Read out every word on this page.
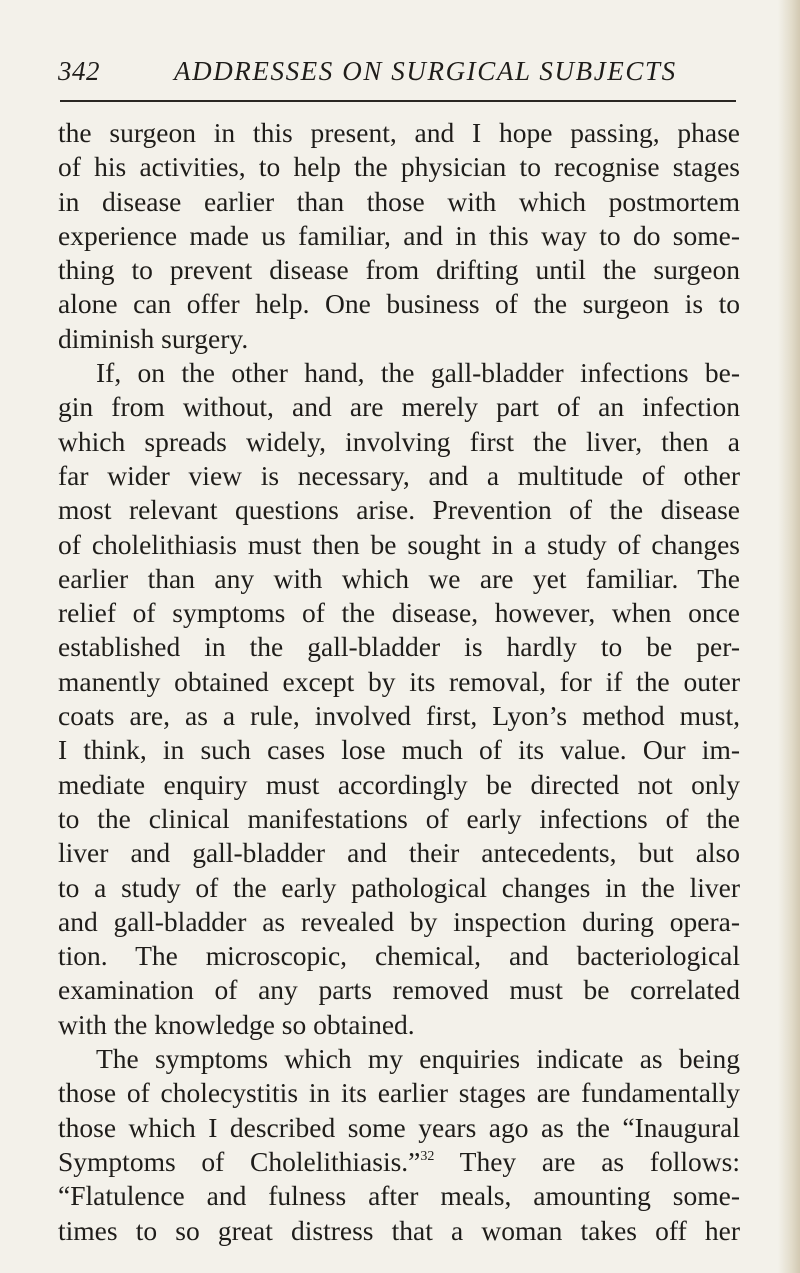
342	ADDRESSES ON SURGICAL SUBJECTS
the surgeon in this present, and I hope passing, phase
of his activities, to help the physician to recognise stages
in disease earlier than those with which postmortem
experience made us familiar, and in this way to do some-
thing to prevent disease from drifting until the surgeon
alone can offer help. One business of the surgeon is to
diminish surgery.
If, on the other hand, the gall-bladder infections be-
gin from without, and are merely part of an infection
which spreads widely, involving first the liver, then a
far wider view is necessary, and a multitude of other
most relevant questions arise. Prevention of the disease
of cholelithiasis must then be sought in a study of changes
earlier than any with which we are yet familiar. The
relief of symptoms of the disease, however, when once
established in the gall-bladder is hardly to be per-
manently obtained except by its removal, for if the outer
coats are, as a rule, involved first, Lyon’s method must,
I think, in such cases lose much of its value. Our im-
mediate enquiry must accordingly be directed not only
to the clinical manifestations of early infections of the
liver and gall-bladder and their antecedents, but also
to a study of the early pathological changes in the liver
and gall-bladder as revealed by inspection during opera-
tion. The microscopic, chemical, and bacteriological
examination of any parts removed must be correlated
with the knowledge so obtained.
The symptoms which my enquiries indicate as being
those of cholecystitis in its earlier stages are fundamentally
those which I described some years ago as the “Inaugural
Symptoms of Cholelithiasis.”$^{32}$ They are as follows:
“Flatulence and fulness after meals, amounting some-
times to so great distress that a woman takes off her
